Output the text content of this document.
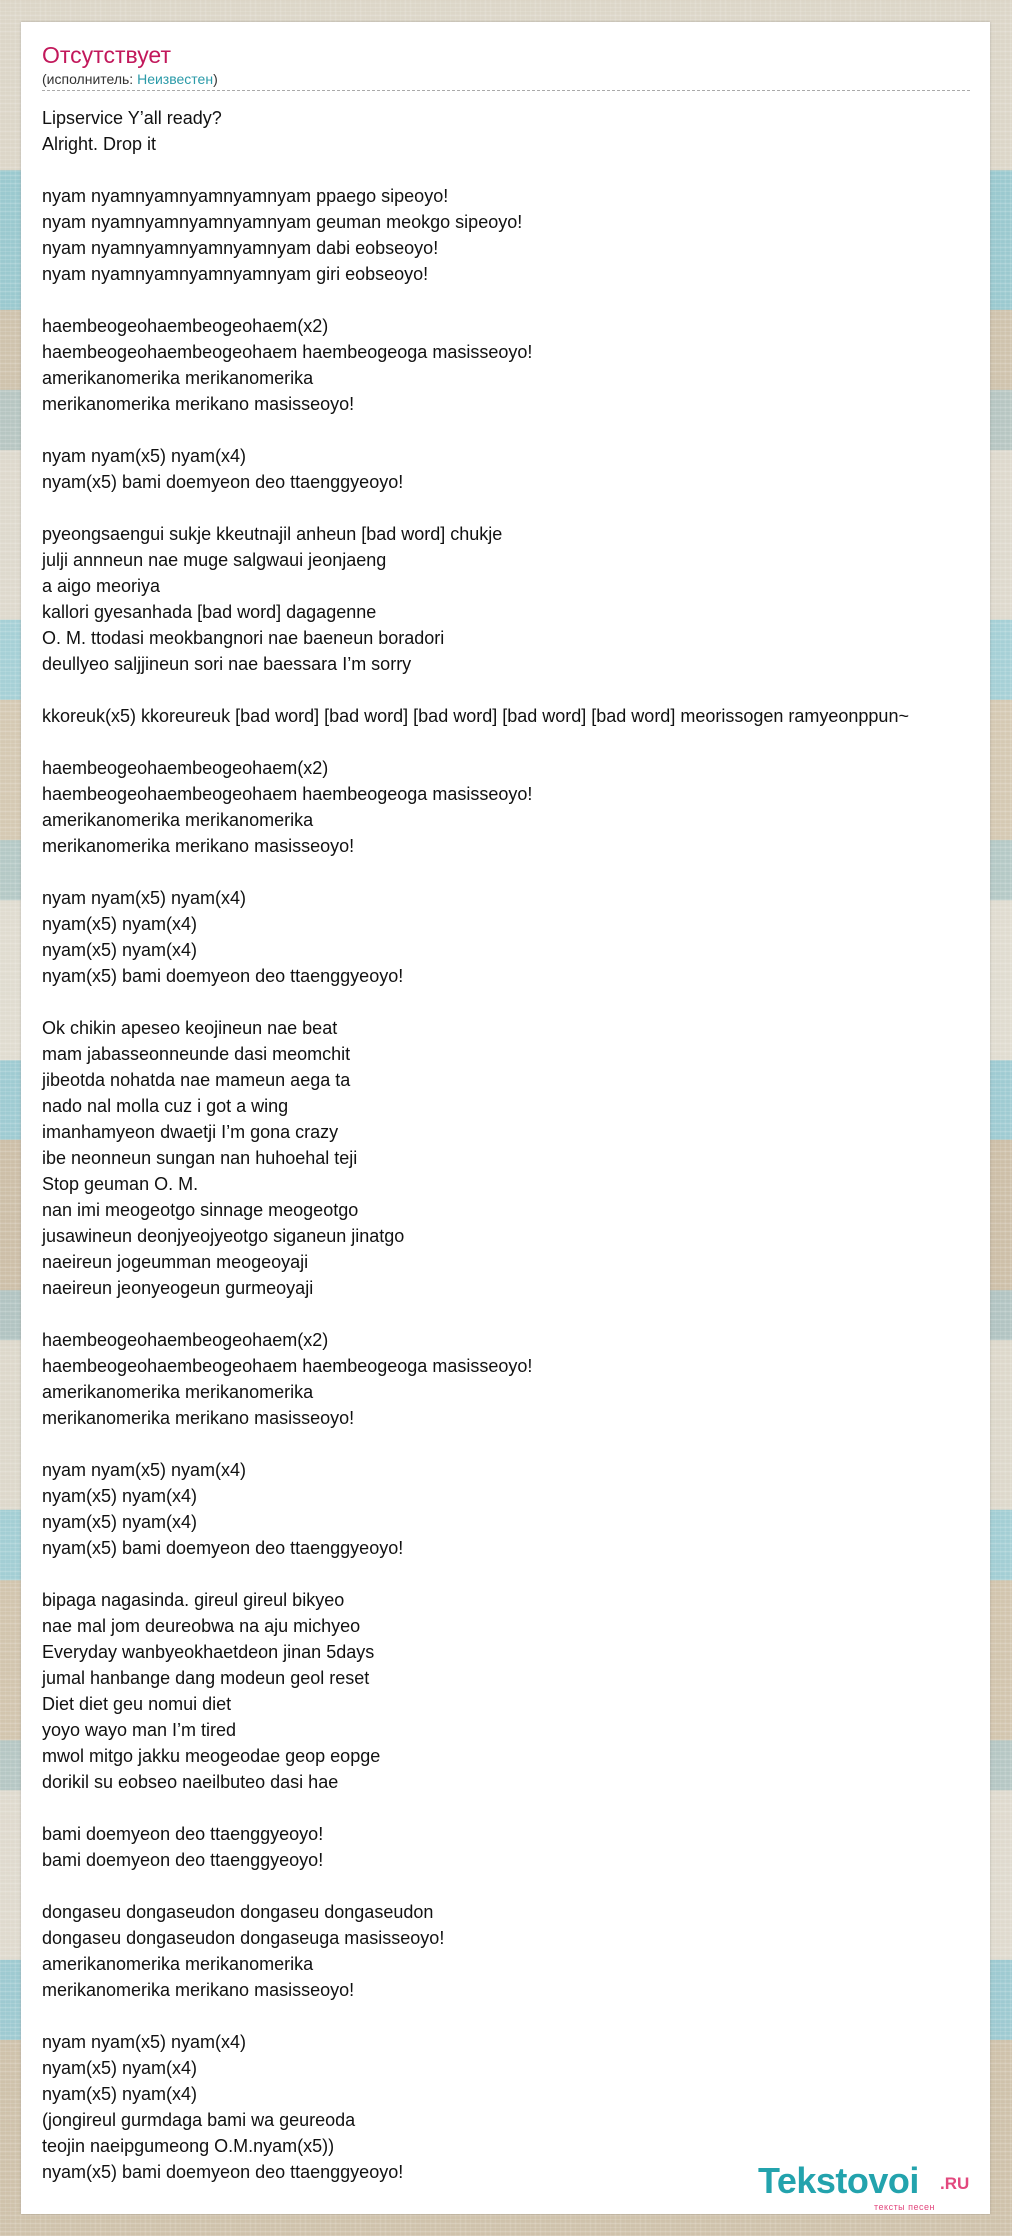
Отсутствует
(исполнитель: Неизвестен)
Lipservice Y’all ready?
Alright. Drop it
nyam nyamnyamnyamnyamnyam ppaego sipeoyo!
nyam nyamnyamnyamnyamnyam geuman meokgo sipeoyo!
nyam nyamnyamnyamnyamnyam dabi eobseoyo!
nyam nyamnyamnyamnyamnyam giri eobseoyo!
haembeogeohaembeogeohaem(x2)
haembeogeohaembeogeohaem haembeogeoga masisseoyo!
amerikanomerika merikanomerika
merikanomerika merikano masisseoyo!
nyam nyam(x5) nyam(x4)
nyam(x5) bami doemyeon deo ttaenggyeoyo!
pyeongsaengui sukje kkeutnajil anheun [bad word] chukje
julji annneun nae muge salgwaui jeonjaeng
a aigo meoriya
kallori gyesanhada [bad word] dagagenne
O. M. ttodasi meokbangnori nae baeneun boradori
deullyeo saljjineun sori nae baessara I’m sorry
kkoreuk(x5) kkoreureuk [bad word] [bad word] [bad word] [bad word] [bad word] meorissogen ramyeonppun~
haembeogeohaembeogeohaem(x2)
haembeogeohaembeogeohaem haembeogeoga masisseoyo!
amerikanomerika merikanomerika
merikanomerika merikano masisseoyo!
nyam nyam(x5) nyam(x4)
nyam(x5) nyam(x4)
nyam(x5) nyam(x4)
nyam(x5) bami doemyeon deo ttaenggyeoyo!
Ok chikin apeseo keojineun nae beat
mam jabasseonneunde dasi meomchit
jibeotda nohatda nae mameun aega ta
nado nal molla cuz i got a wing
imanhamyeon dwaetji I’m gona crazy
ibe neonneun sungan nan huhoehal teji
Stop geuman O. M.
nan imi meogeotgo sinnage meogeotgo
jusawineun deonjyeojyeotgo siganeun jinatgo
naeireun jogeumman meogeoyaji
naeireun jeonyeogeun gurmeoyaji
haembeogeohaembeogeohaem(x2)
haembeogeohaembeogeohaem haembeogeoga masisseoyo!
amerikanomerika merikanomerika
merikanomerika merikano masisseoyo!
nyam nyam(x5) nyam(x4)
nyam(x5) nyam(x4)
nyam(x5) nyam(x4)
nyam(x5) bami doemyeon deo ttaenggyeoyo!
bipaga nagasinda. gireul gireul bikyeo
nae mal jom deureobwa na aju michyeo
Everyday wanbyeokhaetdeon jinan 5days
jumal hanbange dang modeun geol reset
Diet diet geu nomui diet
yoyo wayo man I’m tired
mwol mitgo jakku meogeodae geop eopge
dorikil su eobseo naeilbuteo dasi hae
bami doemyeon deo ttaenggyeoyo!
bami doemyeon deo ttaenggyeoyo!
dongaseu dongaseudon dongaseu dongaseudon
dongaseu dongaseudon dongaseuga masisseoyo!
amerikanomerika merikanomerika
merikanomerika merikano masisseoyo!
nyam nyam(x5) nyam(x4)
nyam(x5) nyam(x4)
nyam(x5) nyam(x4)
(jongireul gurmdaga bami wa geureoda
teojin naeipgumeong O.M.nyam(x5))
nyam(x5) bami doemyeon deo ttaenggyeoyo!	Tekstovoi .RU
тексты песен
